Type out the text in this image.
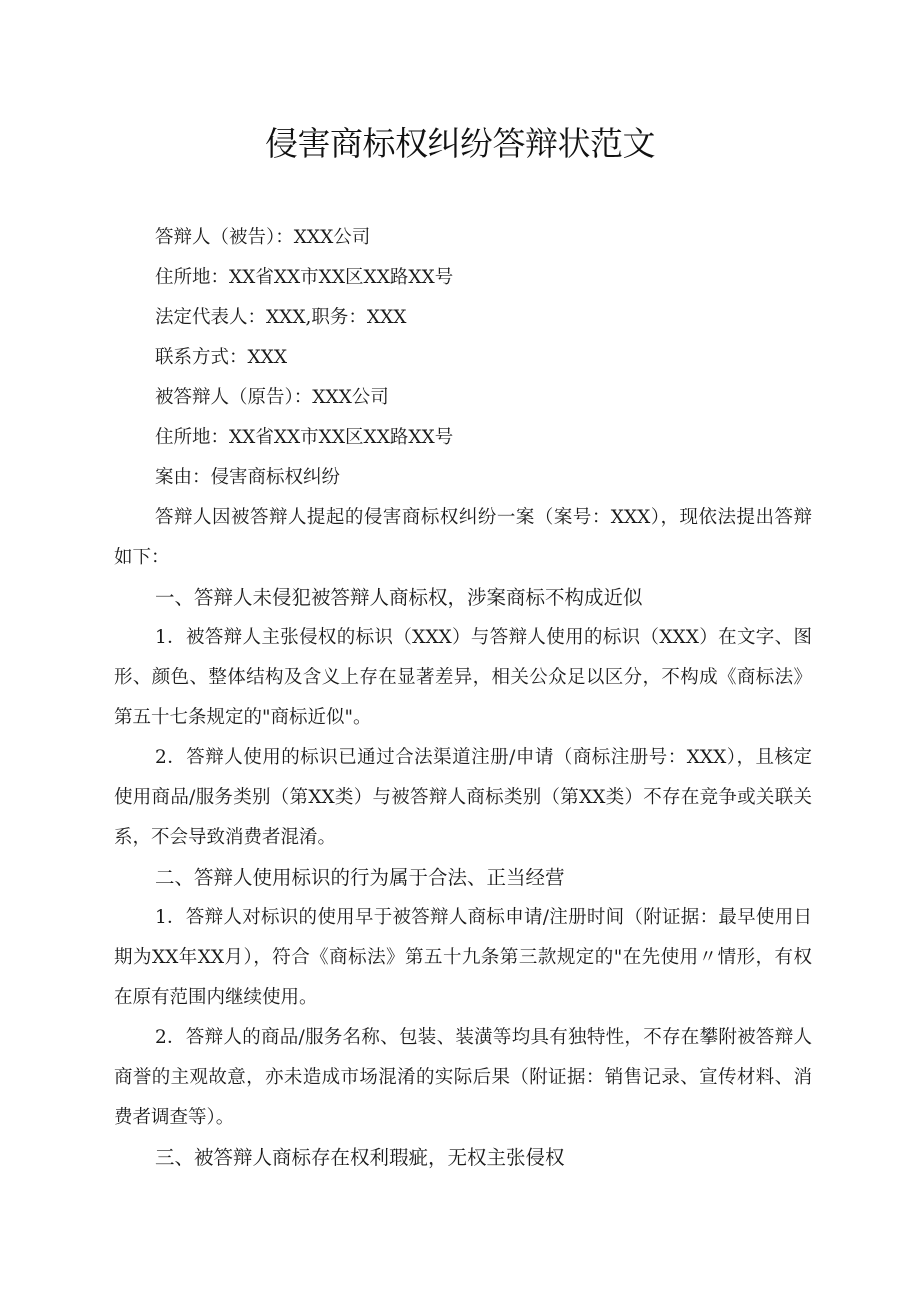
侵害商标权纠纷答辩状范文

答辩人（被告）：XXX公司

住所地：XX省XX市XX区XX路XX号

法定代表人：XXX,职务：XXX

联系方式：XXX

被答辩人（原告）：XXX公司

住所地：XX省XX市XX区XX路XX号

案由：侵害商标权纠纷

答辩人因被答辩人提起的侵害商标权纠纷一案（案号：XXX），现依法提出答辩如下：

一、答辩人未侵犯被答辩人商标权，涉案商标不构成近似

1．被答辩人主张侵权的标识（XXX）与答辩人使用的标识（XXX）在文字、图形、颜色、整体结构及含义上存在显著差异，相关公众足以区分，不构成《商标法》第五十七条规定的"商标近似"。

2．答辩人使用的标识已通过合法渠道注册/申请（商标注册号：XXX），且核定使用商品/服务类别（第XX类）与被答辩人商标类别（第XX类）不存在竞争或关联关系，不会导致消费者混淆。

二、答辩人使用标识的行为属于合法、正当经营

1．答辩人对标识的使用早于被答辩人商标申请/注册时间（附证据：最早使用日期为XX年XX月），符合《商标法》第五十九条第三款规定的"在先使用〃情形，有权在原有范围内继续使用。

2．答辩人的商品/服务名称、包装、装潢等均具有独特性，不存在攀附被答辩人商誉的主观故意，亦未造成市场混淆的实际后果（附证据：销售记录、宣传材料、消费者调查等）。

三、被答辩人商标存在权利瑕疵，无权主张侵权
